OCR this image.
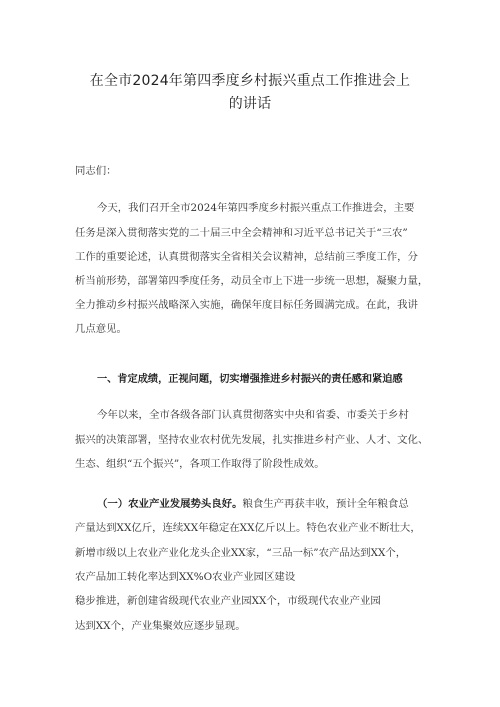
在全市2024年第四季度乡村振兴重点工作推进会上
的讲话
同志们：
今天，我们召开全市2024年第四季度乡村振兴重点工作推进会，主要
任务是深入贯彻落实党的二十届三中全会精神和习近平总书记关于“三农”
工作的重要论述，认真贯彻落实全省相关会议精神，总结前三季度工作，分
析当前形势，部署第四季度任务，动员全市上下进一步统一思想，凝聚力量，
全力推动乡村振兴战略深入实施，确保年度目标任务圆满完成。在此，我讲
几点意见。
一、肯定成绩，正视问题，切实增强推进乡村振兴的责任感和紧迫感
今年以来，全市各级各部门认真贯彻落实中央和省委、市委关于乡村
振兴的决策部署，坚持农业农村优先发展，扎实推进乡村产业、人才、文化、
生态、组织“五个振兴”，各项工作取得了阶段性成效。
（一）农业产业发展势头良好。粮食生产再获丰收，预计全年粮食总
产量达到XX亿斤，连续XX年稳定在XX亿斤以上。特色农业产业不断壮大，
新增市级以上农业产业化龙头企业XX家，“三品一标”农产品达到XX个，
农产品加工转化率达到XX%O农业产业园区建设
稳步推进，新创建省级现代农业产业园XX个，市级现代农业产业园
达到XX个，产业集聚效应逐步显现。
